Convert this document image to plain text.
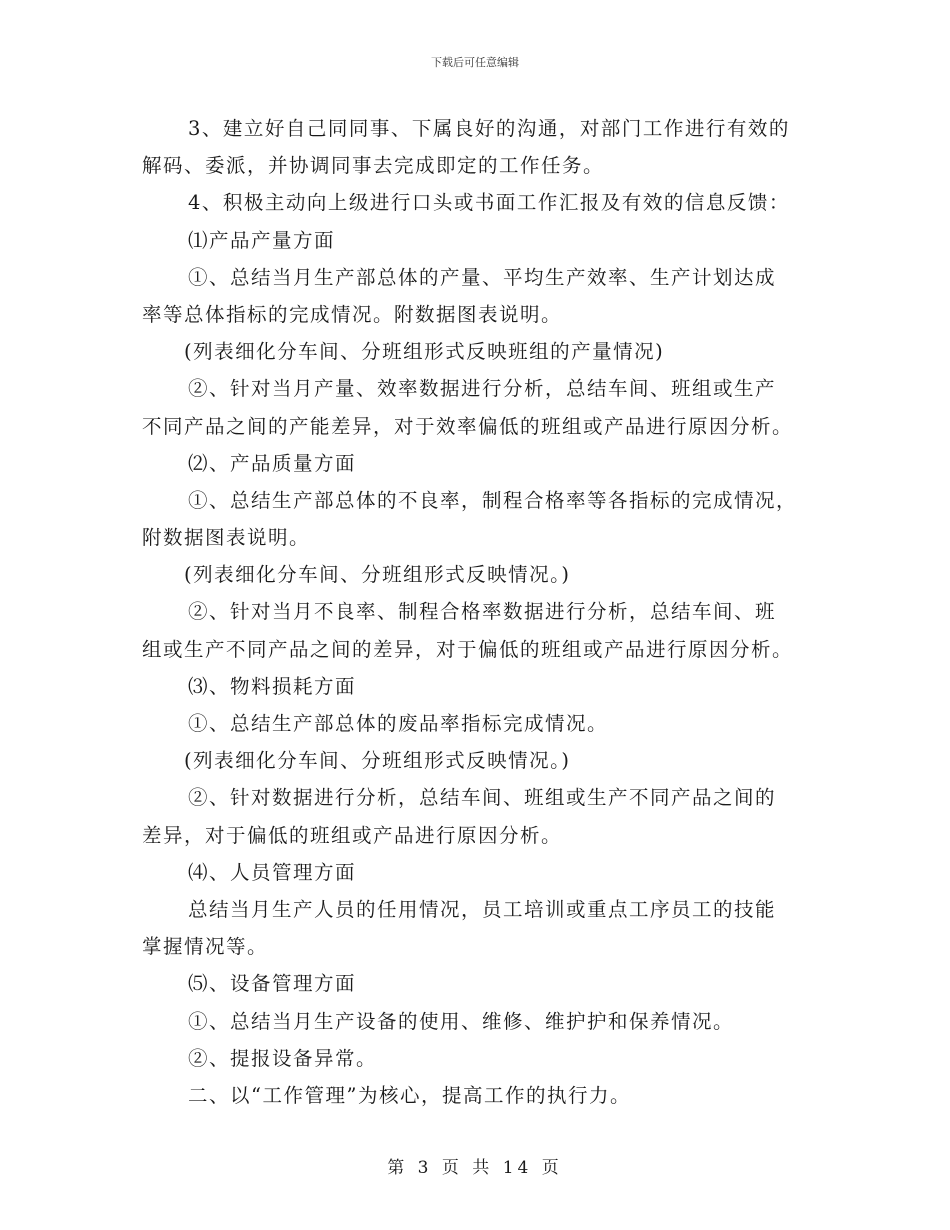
下载后可任意编辑
3、建立好自己同同事、下属良好的沟通，对部门工作进行有效的
解码、委派，并协调同事去完成即定的工作任务。
4、积极主动向上级进行口头或书面工作汇报及有效的信息反馈：
⑴产品产量方面
①、总结当月生产部总体的产量、平均生产效率、生产计划达成
率等总体指标的完成情况。附数据图表说明。
(列表细化分车间、分班组形式反映班组的产量情况)
②、针对当月产量、效率数据进行分析，总结车间、班组或生产
不同产品之间的产能差异，对于效率偏低的班组或产品进行原因分析。
⑵、产品质量方面
①、总结生产部总体的不良率，制程合格率等各指标的完成情况，
附数据图表说明。
(列表细化分车间、分班组形式反映情况。)
②、针对当月不良率、制程合格率数据进行分析，总结车间、班
组或生产不同产品之间的差异，对于偏低的班组或产品进行原因分析。
⑶、物料损耗方面
①、总结生产部总体的废品率指标完成情况。
(列表细化分车间、分班组形式反映情况。)
②、针对数据进行分析，总结车间、班组或生产不同产品之间的
差异，对于偏低的班组或产品进行原因分析。
⑷、人员管理方面
总结当月生产人员的任用情况，员工培训或重点工序员工的技能
掌握情况等。
⑸、设备管理方面
①、总结当月生产设备的使用、维修、维护护和保养情况。
②、提报设备异常。
二、以“工作管理”为核心，提高工作的执行力。
第 3 页 共 14 页
